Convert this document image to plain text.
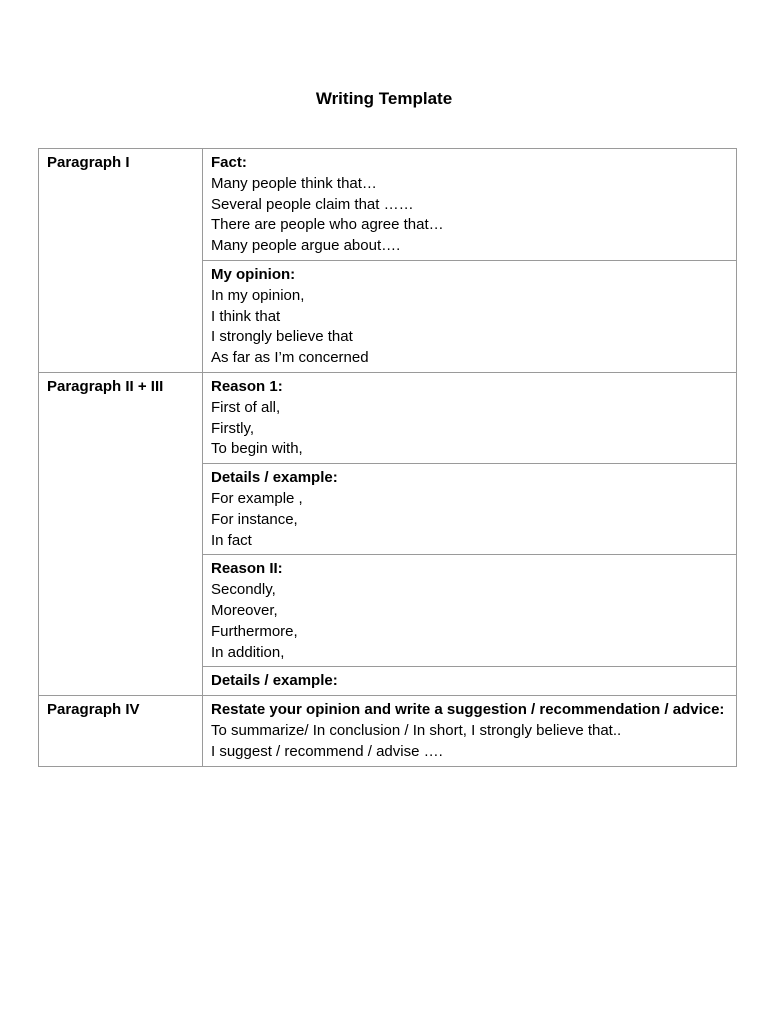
Writing Template
Paragraph I	Fact:
Many people think that…
Several people claim that ……
There are people who agree that…
Many people argue about….

	My opinion:
In my opinion,
I think that
I strongly believe that
As far as I’m concerned

Paragraph II + III	Reason 1:
First of all,
Firstly,
To begin with,

	Details / example:
For example ,
For instance,
In fact

	Reason II:
Secondly,
Moreover,
Furthermore,
In addition,

	Details / example:

Paragraph IV	Restate your opinion and write a suggestion / recommendation / advice:
To summarize/ In conclusion / In short, I strongly believe that..
I suggest / recommend / advise ….
